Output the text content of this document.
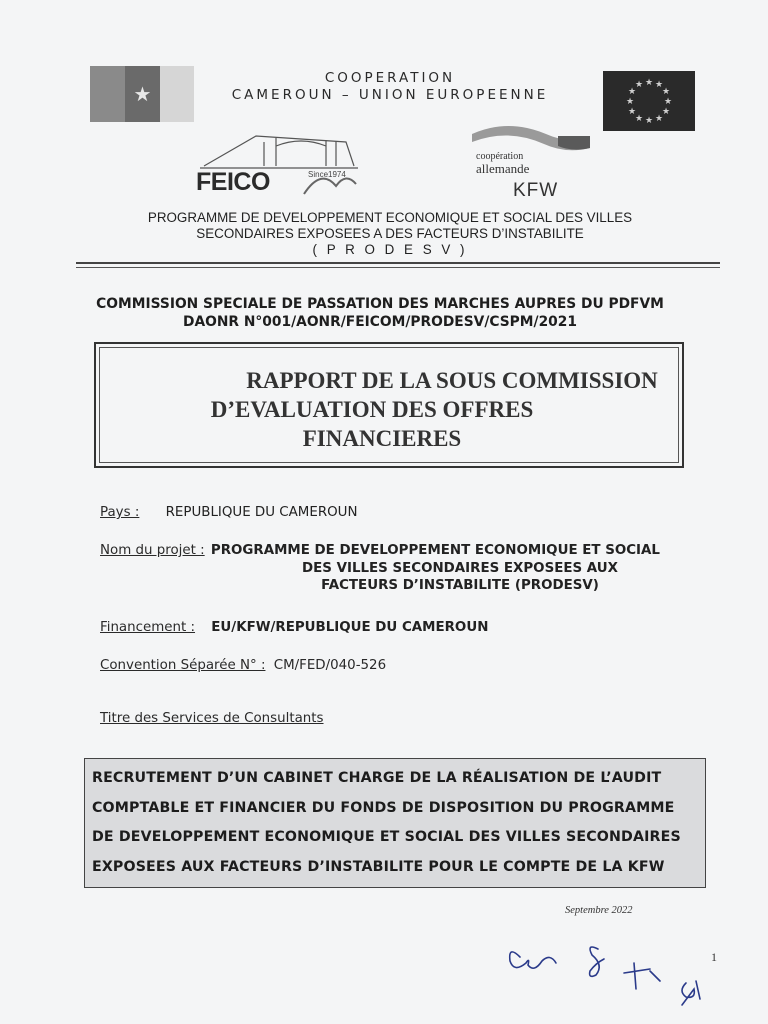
★
COOPERATION
CAMEROUN – UNION EUROPEENNE
★ ★
★
★
★
★
★
★
★
★
★
★
FEICO	Since1974
coopération
allemande
KFW
PROGRAMME DE DEVELOPPEMENT ECONOMIQUE ET SOCIAL DES VILLES
SECONDAIRES EXPOSEES A DES FACTEURS D’INSTABILITE
( P R O D E S V )
COMMISSION SPECIALE DE PASSATION DES MARCHES AUPRES DU PDFVM
DAONR N°001/AONR/FEICOM/PRODESV/CSPM/2021
RAPPORT DE LA SOUS COMMISSION
D’EVALUATION DES OFFRES
FINANCIERES
Pays : REPUBLIQUE DU CAMEROUN
Nom du projet : PROGRAMME DE DEVELOPPEMENT ECONOMIQUE ET SOCIAL
DES VILLES SECONDAIRES EXPOSEES AUX
FACTEURS D’INSTABILITE (PRODESV)
Financement : EU/KFW/REPUBLIQUE DU CAMEROUN
Convention Séparée N° : CM/FED/040-526
Titre des Services de Consultants
RECRUTEMENT D’UN CABINET CHARGE DE LA RÉALISATION DE L’AUDIT
COMPTABLE ET FINANCIER DU FONDS DE DISPOSITION DU PROGRAMME
DE DEVELOPPEMENT ECONOMIQUE ET SOCIAL DES VILLES SECONDAIRES
EXPOSEES AUX FACTEURS D’INSTABILITE POUR LE COMPTE DE LA KFW
Septembre 2022
1
